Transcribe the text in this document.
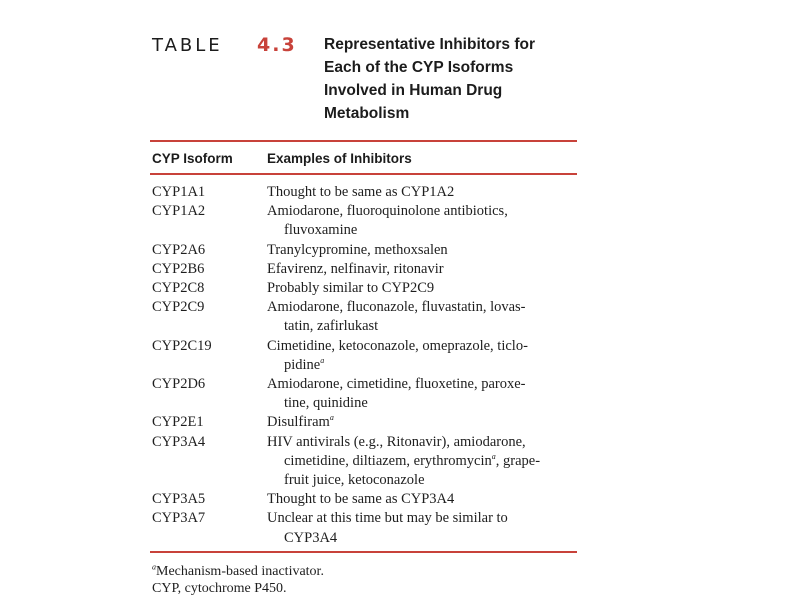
TABLE 4.3 Representative Inhibitors for
Each of the CYP Isoforms
Involved in Human Drug
Metabolism
CYP Isoform	Examples of Inhibitors
CYP1A1	Thought to be same as CYP1A2
CYP1A2	Amiodarone, fluoroquinolone antibiotics,
fluvoxamine
CYP2A6	Tranylcypromine, methoxsalen
CYP2B6	Efavirenz, nelfinavir, ritonavir
CYP2C8	Probably similar to CYP2C9
CYP2C9	Amiodarone, fluconazole, fluvastatin, lovas-
tatin, zafirlukast
CYP2C19	Cimetidine, ketoconazole, omeprazole, ticlo-
pidine$^a$
CYP2D6	Amiodarone, cimetidine, fluoxetine, paroxe-
tine, quinidine
CYP2E1	Disulfiram$^a$
CYP3A4	HIV antivirals (e.g., Ritonavir), amiodarone,
cimetidine, diltiazem, erythromycin$^a$, grape-
fruit juice, ketoconazole
CYP3A5	Thought to be same as CYP3A4
CYP3A7	Unclear at this time but may be similar to
CYP3A4
$^a$Mechanism-based inactivator.
CYP, cytochrome P450.
